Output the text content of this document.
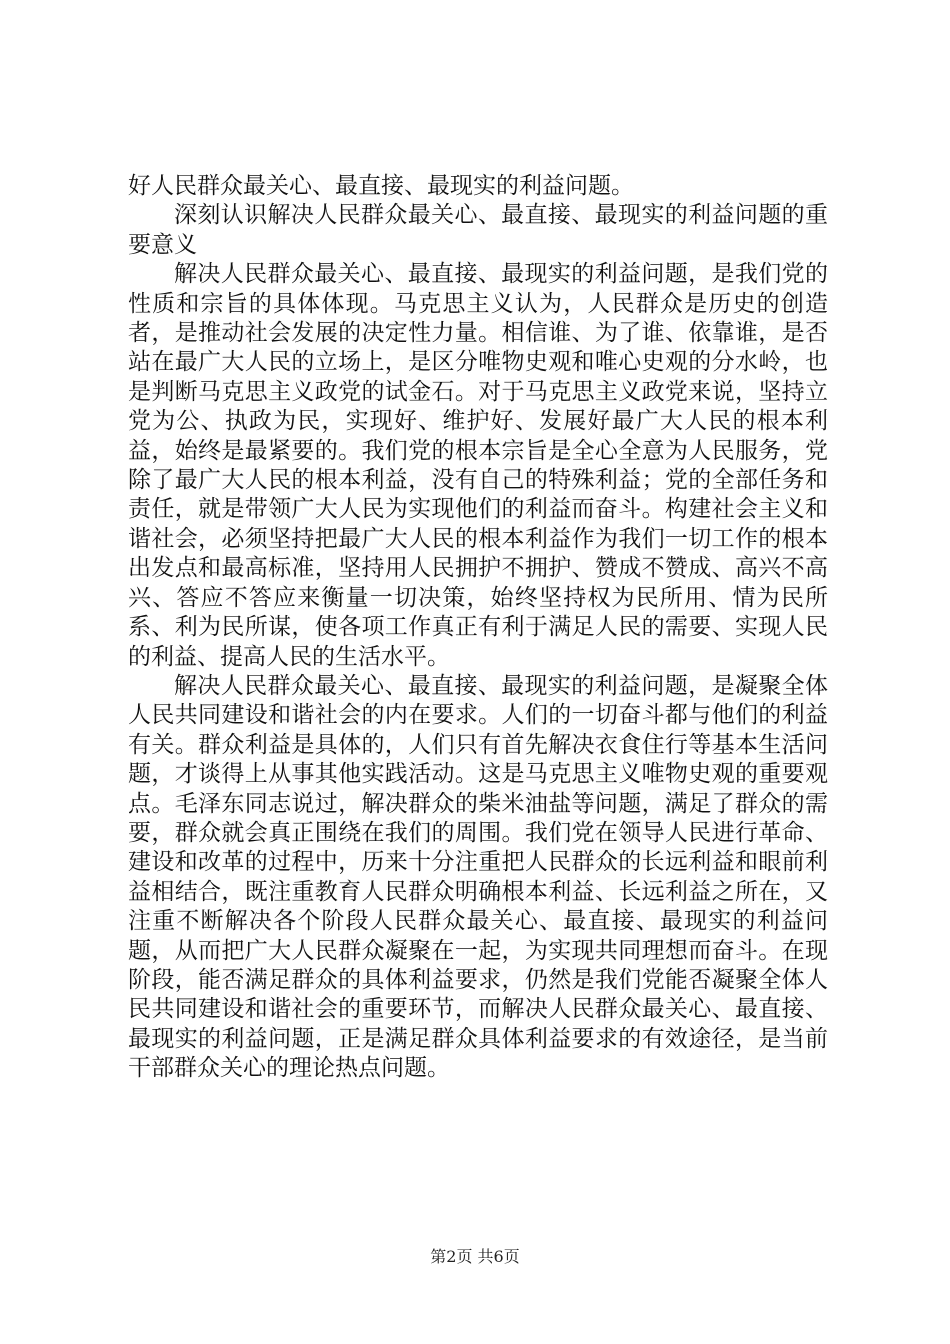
好人民群众最关心、最直接、最现实的利益问题。

深刻认识解决人民群众最关心、最直接、最现实的利益问题的重要意义

解决人民群众最关心、最直接、最现实的利益问题，是我们党的性质和宗旨的具体体现。马克思主义认为，人民群众是历史的创造者，是推动社会发展的决定性力量。相信谁、为了谁、依靠谁，是否站在最广大人民的立场上，是区分唯物史观和唯心史观的分水岭，也是判断马克思主义政党的试金石。对于马克思主义政党来说，坚持立党为公、执政为民，实现好、维护好、发展好最广大人民的根本利益，始终是最紧要的。我们党的根本宗旨是全心全意为人民服务，党除了最广大人民的根本利益，没有自己的特殊利益；党的全部任务和责任，就是带领广大人民为实现他们的利益而奋斗。构建社会主义和谐社会，必须坚持把最广大人民的根本利益作为我们一切工作的根本出发点和最高标准，坚持用人民拥护不拥护、赞成不赞成、高兴不高兴、答应不答应来衡量一切决策，始终坚持权为民所用、情为民所系、利为民所谋，使各项工作真正有利于满足人民的需要、实现人民的利益、提高人民的生活水平。

解决人民群众最关心、最直接、最现实的利益问题，是凝聚全体人民共同建设和谐社会的内在要求。人们的一切奋斗都与他们的利益有关。群众利益是具体的，人们只有首先解决衣食住行等基本生活问题，才谈得上从事其他实践活动。这是马克思主义唯物史观的重要观点。毛泽东同志说过，解决群众的柴米油盐等问题，满足了群众的需要，群众就会真正围绕在我们的周围。我们党在领导人民进行革命、建设和改革的过程中，历来十分注重把人民群众的长远利益和眼前利益相结合，既注重教育人民群众明确根本利益、长远利益之所在，又注重不断解决各个阶段人民群众最关心、最直接、最现实的利益问题，从而把广大人民群众凝聚在一起，为实现共同理想而奋斗。在现阶段，能否满足群众的具体利益要求，仍然是我们党能否凝聚全体人民共同建设和谐社会的重要环节，而解决人民群众最关心、最直接、最现实的利益问题，正是满足群众具体利益要求的有效途径，是当前干部群众关心的理论热点问题。

第2页 共6页
